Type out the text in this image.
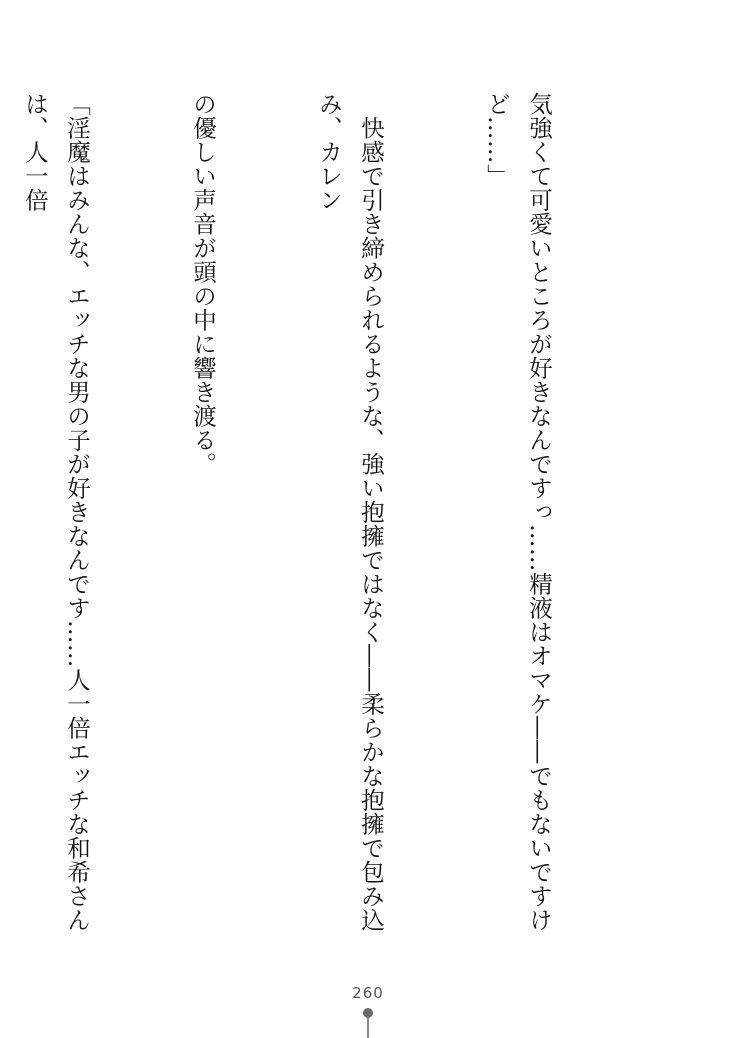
気強くて可愛いところが好きなんですっ……精液はオマケ――でもないですけど……」

　快感で引き締められるような、強い抱擁ではなく――柔らかな抱擁で包み込み、カレン

の優しい声音が頭の中に響き渡る。

「淫魔はみんな、エッチな男の子が好きなんです……人一倍エッチな和希さんは、人一倍

260
